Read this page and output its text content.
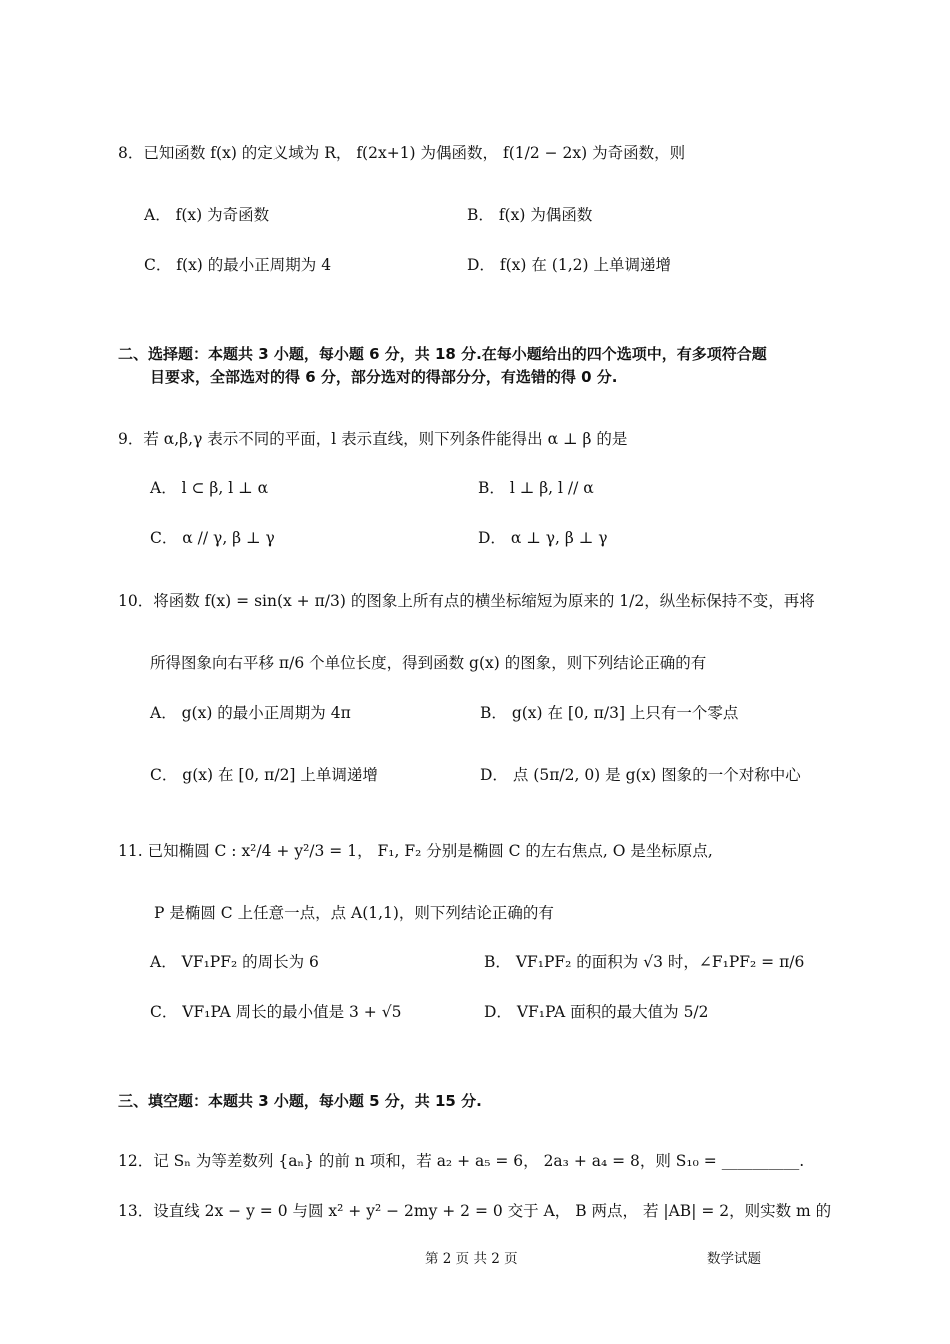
8．已知函数 f(x) 的定义域为 R， f(2x+1) 为偶函数， f(1/2 − 2x) 为奇函数，则
A． f(x) 为奇函数	B． f(x) 为偶函数
C． f(x) 的最小正周期为 4	D． f(x) 在 (1,2) 上单调递增
二、选择题：本题共 3 小题，每小题 6 分，共 18 分.在每小题给出的四个选项中，有多项符合题
目要求，全部选对的得 6 分，部分选对的得部分分，有选错的得 0 分.
9．若 α,β,γ 表示不同的平面，l 表示直线，则下列条件能得出 α ⊥ β 的是
A． l ⊂ β, l ⊥ α	B． l ⊥ β, l // α
C． α // γ, β ⊥ γ	D． α ⊥ γ, β ⊥ γ
10．将函数 f(x) = sin(x + π/3) 的图象上所有点的横坐标缩短为原来的 1/2，纵坐标保持不变，再将
所得图象向右平移 π/6 个单位长度，得到函数 g(x) 的图象，则下列结论正确的有
A． g(x) 的最小正周期为 4π	B． g(x) 在 [0, π/3] 上只有一个零点
C． g(x) 在 [0, π/2] 上单调递增	D． 点 (5π/2, 0) 是 g(x) 图象的一个对称中心
11. 已知椭圆 C : x²/4 + y²/3 = 1， F₁, F₂ 分别是椭圆 C 的左右焦点, O 是坐标原点,
P 是椭圆 C 上任意一点，点 A(1,1)，则下列结论正确的有
A． VF₁PF₂ 的周长为 6	B． VF₁PF₂ 的面积为 √3 时，∠F₁PF₂ = π/6
C． VF₁PA 周长的最小值是 3 + √5	D． VF₁PA 面积的最大值为 5/2
三、填空题：本题共 3 小题，每小题 5 分，共 15 分.
12．记 Sₙ 为等差数列 {aₙ} 的前 n 项和，若 a₂ + a₅ = 6， 2a₃ + a₄ = 8，则 S₁₀ = __________.
13．设直线 2x − y = 0 与圆 x² + y² − 2my + 2 = 0 交于 A， B 两点， 若 |AB| = 2，则实数 m 的
第 2 页 共 2 页	数学试题
